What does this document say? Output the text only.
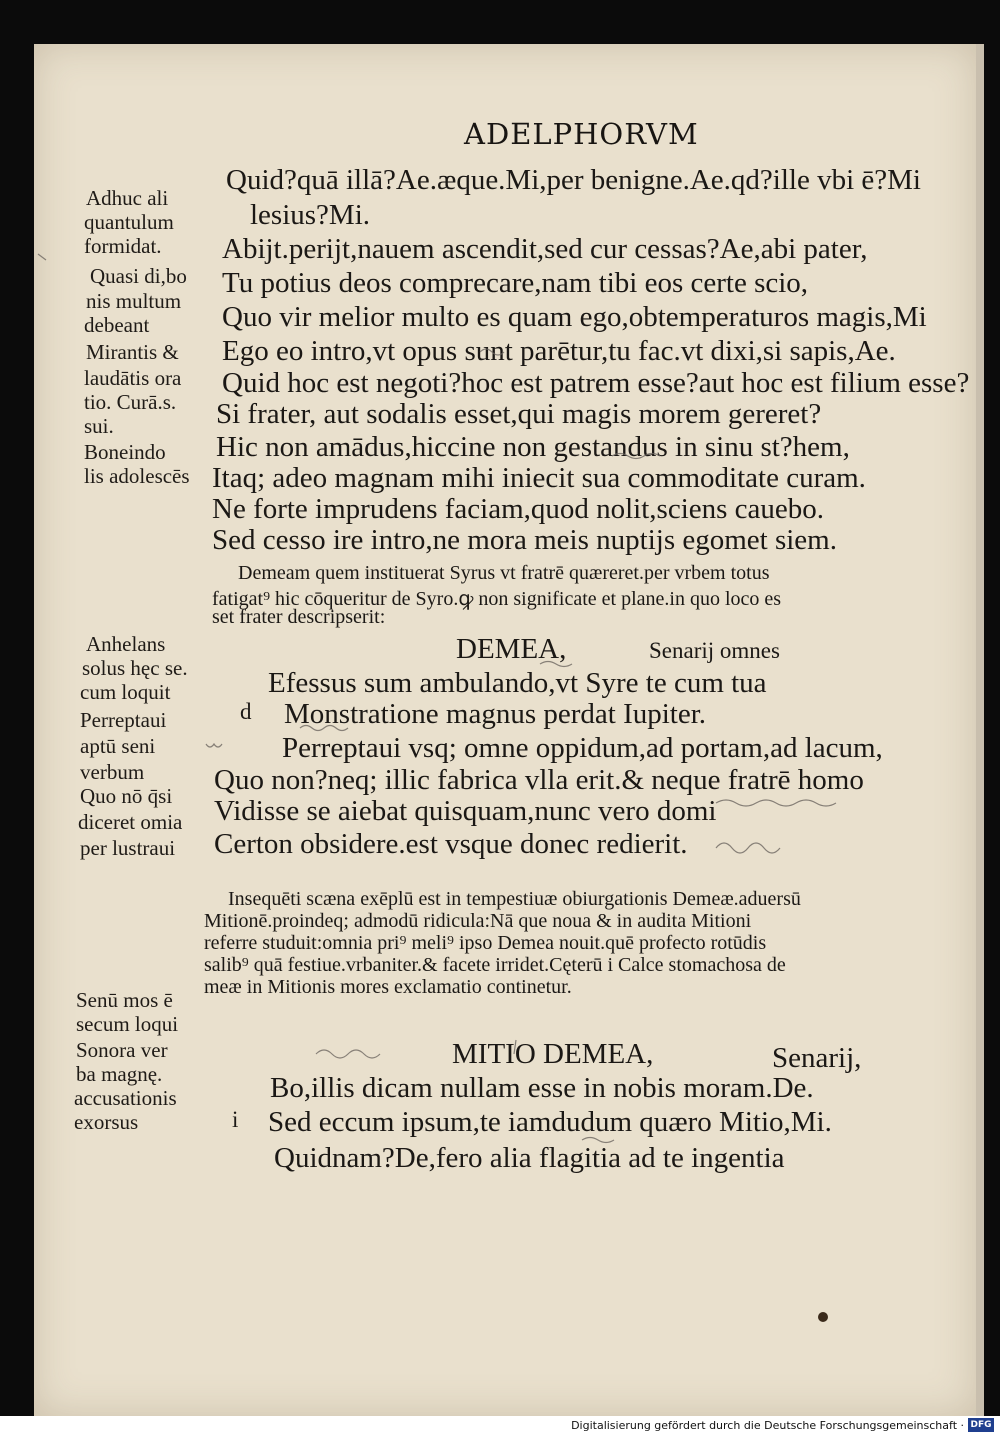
ADELPHORVM
Quid?quā illā?Ae.æque.Mi,per benigne.Ae.qd?ille vbi ē?Mi
lesius?Mi.
Abijt.perijt,nauem ascendit,sed cur cessas?Ae,abi pater,
Tu potius deos comprecare,nam tibi eos certe scio,
Quo vir melior multo es quam ego,obtemperaturos magis,Mi
Ego eo intro,vt opus sunt parētur,tu fac.vt dixi,si sapis,Ae.
Quid hoc est negoti?hoc est patrem esse?aut hoc est filium esse?
Si frater, aut sodalis esset,qui magis morem gereret?
Hic non amādus,hiccine non gestandus in sinu st?hem,
Itaq; adeo magnam mihi iniecit sua commoditate curam.
Ne forte imprudens faciam,quod nolit,sciens cauebo.
Sed cesso ire intro,ne mora meis nuptijs egomet siem.
Demeam quem instituerat Syrus vt fratrē quæreret.per vrbem totus
fatigat⁹ hic cōqueritur de Syro.ꝙ non significate et plane.in quo loco es
set frater descripserit:
DEMEA,	Senarij omnes
d
Efessus sum ambulando,vt Syre te cum tua
Monstratione magnus perdat Iupiter.
Perreptaui vsq; omne oppidum,ad portam,ad lacum,
Quo non?neq; illic fabrica vlla erit.& neque fratrē homo
Vidisse se aiebat quisquam,nunc vero domi
Certon obsidere.est vsque donec redierit.
Insequēti scæna exēplū est in tempestiuæ obiurgationis Demeæ.aduersū
Mitionē.proindeq; admodū ridicula:Nā que noua & in audita Mitioni
referre studuit:omnia pri⁹ meli⁹ ipso Demea nouit.quē profecto rotūdis
salib⁹ quā festiue.vrbaniter.& facete irridet.Cęterū i Calce stomachosa de
meæ in Mitionis mores exclamatio continetur.
MITIO DEMEA,	Senarij,
i
Bo,illis dicam nullam esse in nobis moram.De.
Sed eccum ipsum,te iamdudum quæro Mitio,Mi.
Quidnam?De,fero alia flagitia ad te ingentia
Adhuc ali
quantulum
formidat.
Quasi di,bo
nis multum
debeant
Mirantis &
laudātis ora
tio. Curā.s.
sui.
Boneindo
lis adolescēs
Anhelans
solus hęc se.
cum loquit
Perreptaui
aptū seni
verbum
Quo nō q̄si
diceret omia
per lustraui
Senū mos ē
secum loqui
Sonora ver
ba magnę.
accusationis
exorsus
Digitalisierung gefördert durch die Deutsche Forschungsgemeinschaft · DFG
